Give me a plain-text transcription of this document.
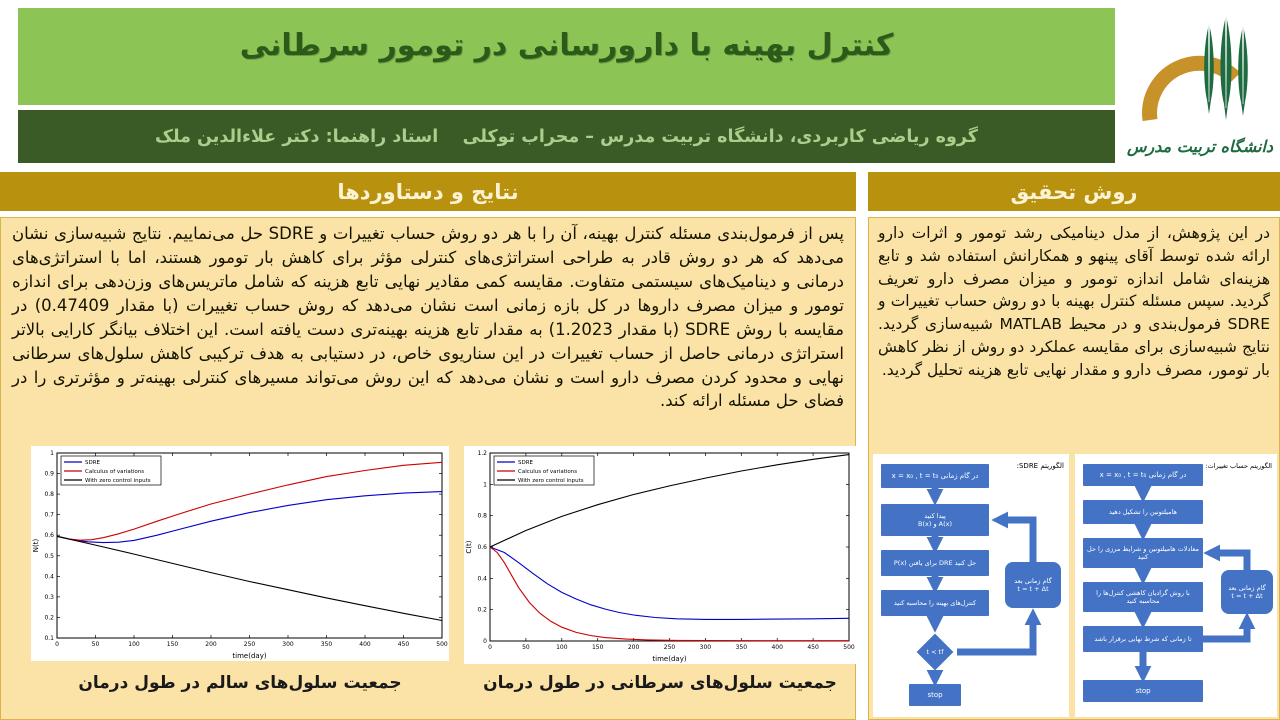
کنترل بهینه با دارورسانی در تومور سرطانی
گروه ریاضی کاربردی، دانشگاه تربیت مدرس – محراب توکلی    استاد راهنما: دکتر علاءالدین ملک	دانشگاه تربیت مدرس
نتایج و دستاوردها
پس از فرمول‌بندی مسئله کنترل بهینه، آن را با هر دو روش حساب تغییرات و SDRE حل می‌نماییم. نتایج شبیه‌سازی نشان می‌دهد که هر دو روش قادر به طراحی استراتژی‌های کنترلی مؤثر برای کاهش بار تومور هستند، اما با استراتژی‌های درمانی و دینامیک‌های سیستمی متفاوت. مقایسه کمی مقادیر نهایی تابع هزینه که شامل ماتریس‌های وزن‌دهی برای اندازه تومور و میزان مصرف داروها در کل بازه زمانی است نشان می‌دهد که روش حساب تغییرات (با مقدار 0.47409) در مقایسه با روش SDRE (با مقدار 1.2023) به مقدار تابع هزینه بهینه‌تری دست یافته است. این اختلاف بیانگر کارایی بالاتر استراتژی درمانی حاصل از حساب تغییرات در این سناریوی خاص، در دستیابی به هدف ترکیبی کاهش سلول‌های سرطانی نهایی و محدود کردن مصرف دارو است و نشان می‌دهد که این روش می‌تواند مسیرهای کنترلی بهینه‌تر و مؤثرتری را در فضای حل مسئله ارائه کند.
0	50	100	150	200	250	300	350	400	450	500
0.1
0.2
0.3
0.4
0.5
0.6
0.7
0.8
0.9
1
time(day)
N(t)
SDRE
Calculus of variations
With zero control inputs
0	50	100	150	200	250	300	350	400	450	500
0
0.2
0.4
0.6
0.8
1
1.2
time(day)
C(t)
SDRE
Calculus of variations
With zero control inputs
جمعیت سلول‌های سرطانی در طول درمان
جمعیت سلول‌های سالم در طول درمان
روش تحقیق
در این پژوهش، از مدل دینامیکی رشد تومور و اثرات دارو ارائه شده توسط آقای پینهو و همکارانش استفاده شد و تابع هزینه‌ای شامل اندازه تومور و میزان مصرف دارو تعریف گردید. سپس مسئله کنترل بهینه با دو روش حساب تغییرات و SDRE فرمول‌بندی و در محیط MATLAB شبیه‌سازی گردید. نتایج شبیه‌سازی برای مقایسه عملکرد دو روش از نظر کاهش بار تومور، مصرف دارو و مقدار نهایی تابع هزینه تحلیل گردید.
الگوریتم SDRE:
در گام زمانی x = x₀ , t = t₀
پیدا کنید
A(x) و B(x)
حل کنید DRE برای یافتن P(x)
کنترل‌های بهینه را محاسبه کنید
t < tf
stop
گام زمانی بعد
t = t + Δt
الگوریتم حساب تغییرات:
در گام زمانی x = x₀ , t = t₀
هامیلتونین را تشکیل دهید
معادلات هامیلتونین و شرایط مرزی را حل کنید
با روش گرادیان کاهشی کنترل‌ها را محاسبه کنید
تا زمانی که شرط نهایی برقرار باشد
stop
گام زمانی بعد
t = t + Δt
